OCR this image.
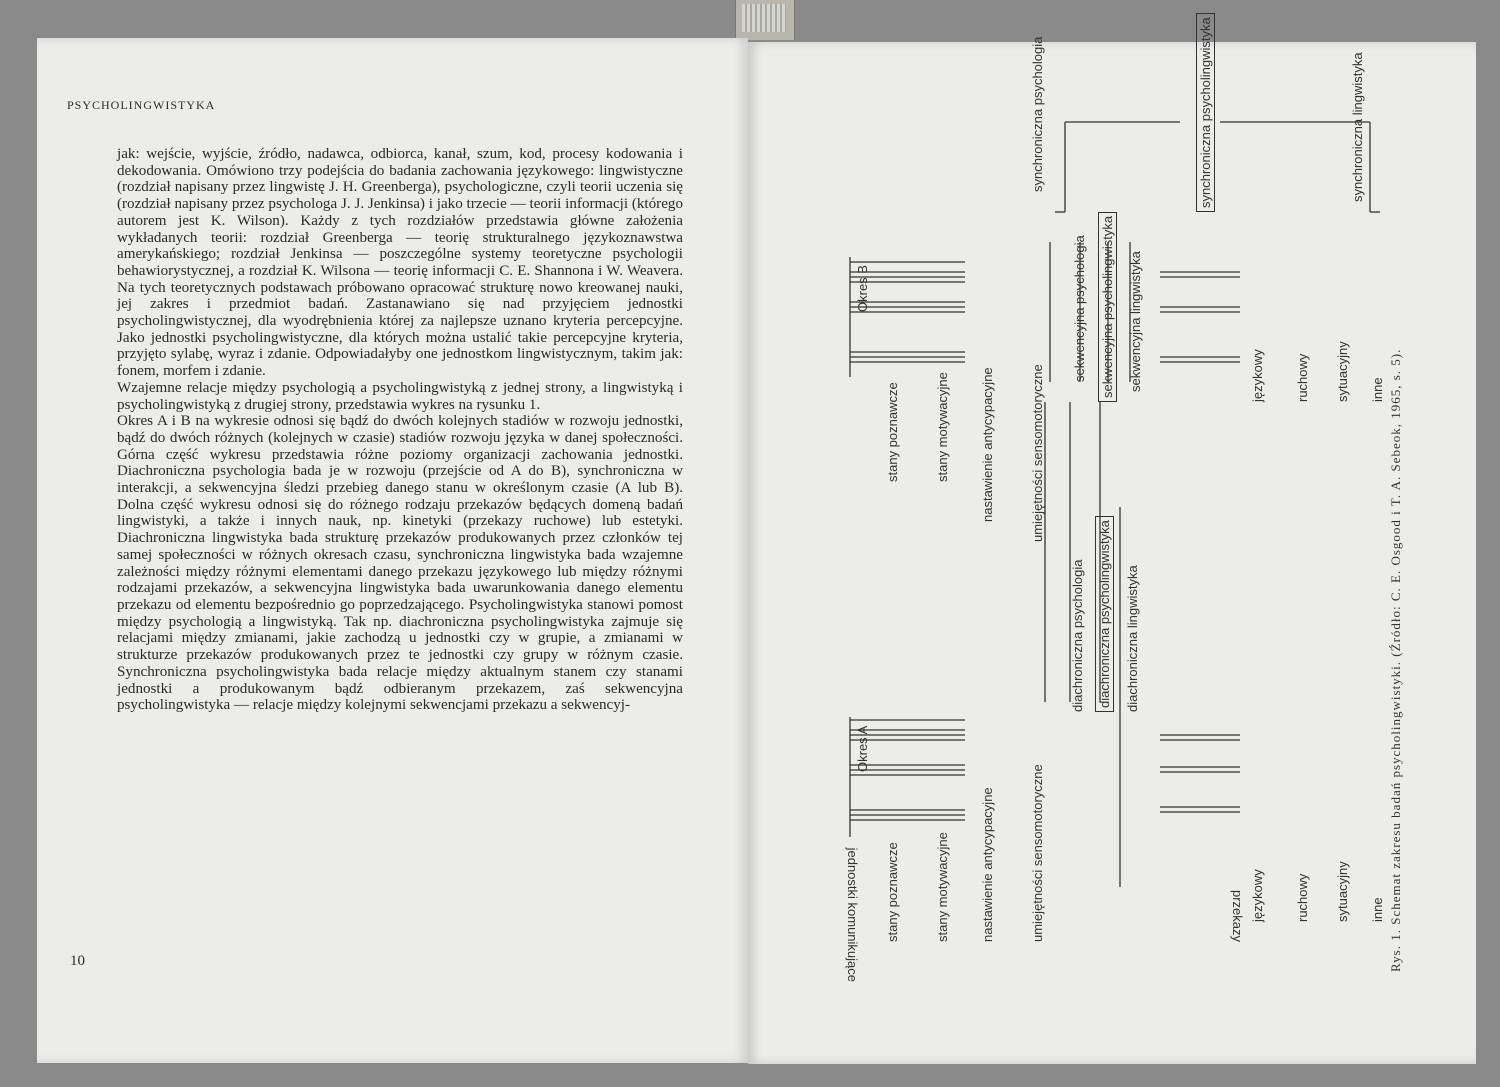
PSYCHOLINGWISTYKA

jak: wejście, wyjście, źródło, nadawca, odbiorca, kanał, szum, kod, procesy kodowania i dekodowania. Omówiono trzy podejścia do badania zachowania językowego: lingwistyczne (rozdział napisany przez lingwistę J. H. Greenberga), psychologiczne, czyli teorii uczenia się (rozdział napisany przez psychologa J. J. Jenkinsa) i jako trzecie — teorii informacji (którego autorem jest K. Wilson). Każdy z tych rozdziałów przedstawia główne założenia wykładanych teorii: rozdział Greenberga — teorię strukturalnego językoznawstwa amerykańskiego; rozdział Jenkinsa — poszczególne systemy teoretyczne psychologii behawiorystycznej, a rozdział K. Wilsona — teorię informacji C. E. Shannona i W. Weavera. Na tych teoretycznych podstawach próbowano opracować strukturę nowo kreowanej nauki, jej zakres i przedmiot badań. Zastanawiano się nad przyjęciem jednostki psycholingwistycznej, dla wyodrębnienia której za najlepsze uznano kryteria percepcyjne. Jako jednostki psycholingwistyczne, dla których można ustalić takie percepcyjne kryteria, przyjęto sylabę, wyraz i zdanie. Odpowiadałyby one jednostkom lingwistycznym, takim jak: fonem, morfem i zdanie.

Wzajemne relacje między psychologią a psycholingwistyką z jednej strony, a lingwistyką i psycholingwistyką z drugiej strony, przedstawia wykres na rysunku 1.

Okres A i B na wykresie odnosi się bądź do dwóch kolejnych stadiów w rozwoju jednostki, bądź do dwóch różnych (kolejnych w czasie) stadiów rozwoju języka w danej społeczności. Górna część wykresu przedstawia różne poziomy organizacji zachowania jednostki. Diachroniczna psychologia bada je w rozwoju (przejście od A do B), synchroniczna w interakcji, a sekwencyjna śledzi przebieg danego stanu w określonym czasie (A lub B). Dolna część wykresu odnosi się do różnego rodzaju przekazów będących domeną badań lingwistyki, a także i innych nauk, np. kinetyki (przekazy ruchowe) lub estetyki. Diachroniczna lingwistyka bada strukturę przekazów produkowanych przez członków tej samej społeczności w różnych okresach czasu, synchroniczna lingwistyka bada wzajemne zależności między różnymi elementami danego przekazu językowego lub między różnymi rodzajami przekazów, a sekwencyjna lingwistyka bada uwarunkowania danego elementu przekazu od elementu bezpośrednio go poprzedzającego. Psycholingwistyka stanowi pomost między psychologią a lingwistyką. Tak np. diachroniczna psycholingwistyka zajmuje się relacjami między zmianami, jakie zachodzą u jednostki czy w grupie, a zmianami w strukturze przekazów produkowanych przez te jednostki czy grupy w różnym czasie. Synchroniczna psycholingwistyka bada relacje między aktualnym stanem czy stanami jednostki a produkowanym bądź odbieranym przekazem, zaś sekwencyjna psycholingwistyka — relacje między kolejnymi sekwencjami przekazu a sekwencyj-

10
Okres A
Okres B
stany poznawcze	stany motywacyjne nastawienie antycypacyjne	umiejętności sensomotoryczne
stany poznawcze	stany motywacyjne nastawienie antycypacyjne	umiejętności sensomotoryczne
diachroniczna psychologia diachroniczna psycholingwistyka diachroniczna lingwistyka
sekwencyjna psychologia sekwencyjna psycholingwistyka sekwencyjna lingwistyka
synchroniczna psychologia	synchroniczna psycholingwistyka	synchroniczna lingwistyka
językowy ruchowy sytuacyjny inne
językowy ruchowy sytuacyjny inne
jednostki komunikujące	przekazy	Rys. 1. Schemat zakresu badań psycholingwistyki. (Źródło: C. E. Osgood i T. A. Sebeok, 1965, s. 5).
